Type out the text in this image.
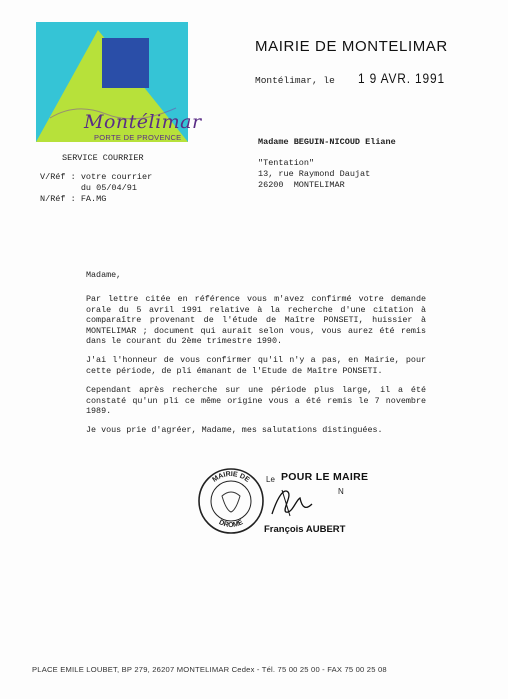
Montélimar
PORTE DE PROVENCE
MAIRIE DE MONTELIMAR
Montélimar, le 1 9 AVR. 1991
SERVICE COURRIER
V/Réf : votre courrier
du 05/04/91
N/Réf : FA.MG
Madame BEGUIN-NICOUD Eliane
"Tentation"
13, rue Raymond Daujat
26200  MONTELIMAR

Madame,

Par lettre citée en référence vous m'avez confirmé votre demande orale du 5 avril 1991 relative à la recherche d'une citation à comparaître provenant de l'étude de Maître PONSETI, huissier à MONTELIMAR ; document qui aurait selon vous, vous aurez été remis dans le courant du 2ème trimestre 1990.

J'ai l'honneur de vous confirmer qu'il n'y a pas, en Mairie, pour cette période, de pli émanant de l'Etude de Maître PONSETI.

Cependant après recherche sur une période plus large, il a été constaté qu'un pli ce même origine vous a été remis le 7 novembre 1989.

Je vous prie d'agréer, Madame, mes salutations distinguées.

MAIRIE DE
DROME
Le POUR LE MAIRE
N
François AUBERT
PLACE EMILE LOUBET, BP 279, 26207 MONTELIMAR Cedex - Tél. 75 00 25 00 - FAX 75 00 25 08
